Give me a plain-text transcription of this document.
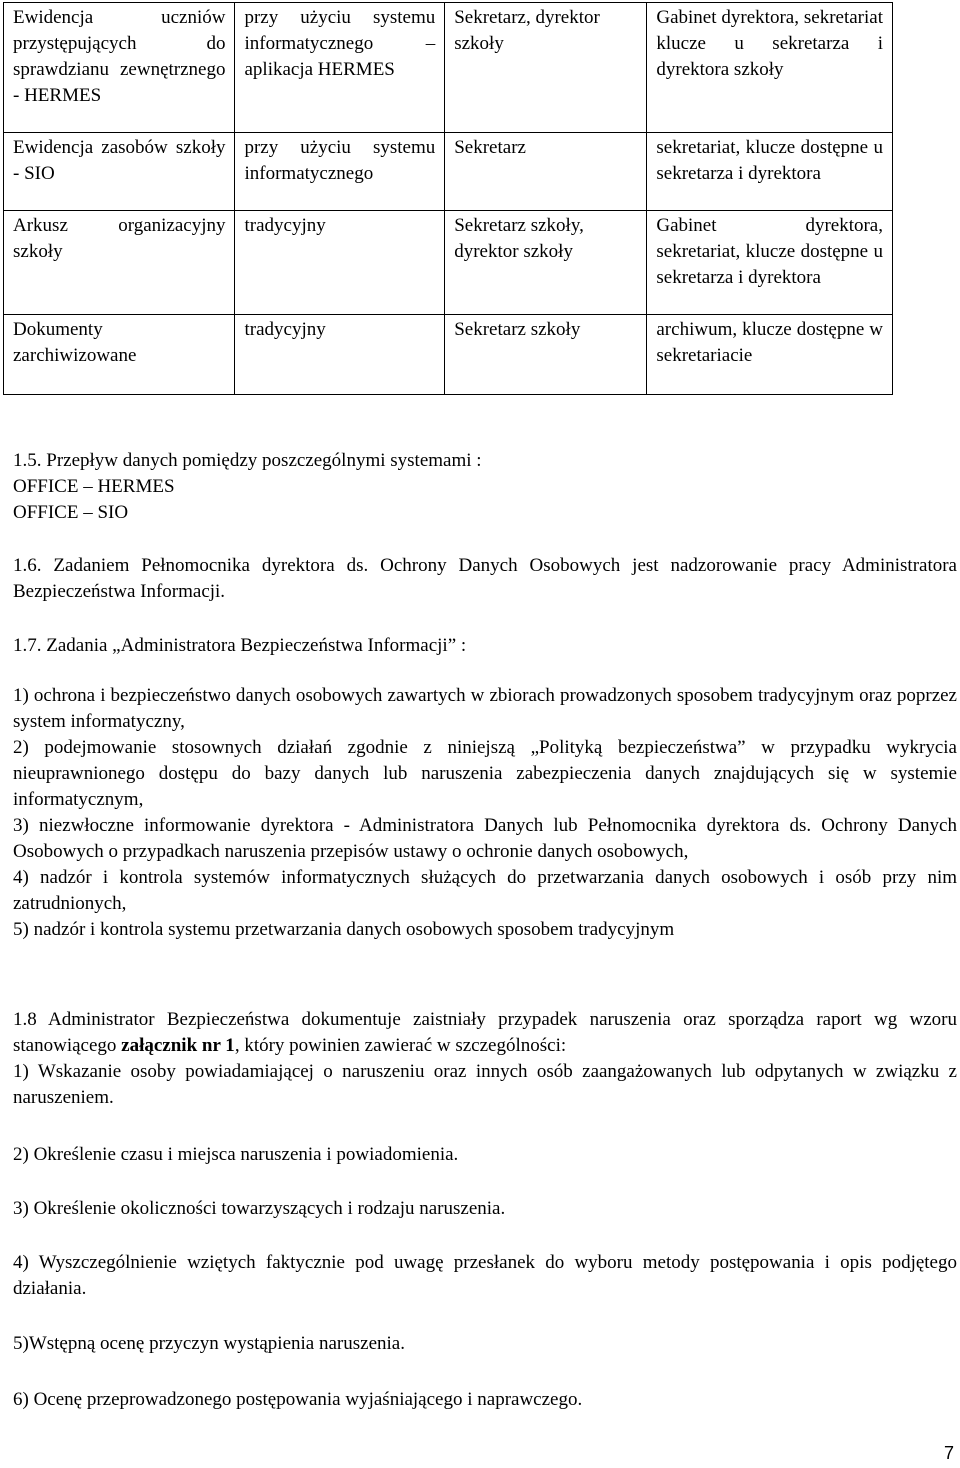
Ewidencja uczniów przystępujących do sprawdzianu zewnętrznego - HERMES	przy użyciu systemu informatycznego – aplikacja HERMES	Sekretarz, dyrektor szkoły	Gabinet dyrektora, sekretariat klucze u sekretarza i dyrektora szkoły
Ewidencja zasobów szkoły - SIO	przy użyciu systemu informatycznego	Sekretarz	sekretariat, klucze dostępne u sekretarza i dyrektora
Arkusz organizacyjny szkoły	tradycyjny	Sekretarz szkoły, dyrektor szkoły	Gabinet dyrektora, sekretariat, klucze dostępne u sekretarza i dyrektora
Dokumenty zarchiwizowane	tradycyjny	Sekretarz szkoły	archiwum, klucze dostępne w sekretariacie

1.5. Przepływ danych pomiędzy poszczególnymi systemami :

OFFICE – HERMES

OFFICE – SIO

1.6. Zadaniem Pełnomocnika dyrektora ds. Ochrony Danych Osobowych jest nadzorowanie pracy Administratora Bezpieczeństwa Informacji.

1.7. Zadania „Administratora Bezpieczeństwa Informacji” :

1) ochrona i bezpieczeństwo danych osobowych zawartych w zbiorach prowadzonych sposobem tradycyjnym oraz poprzez system informatyczny,

2) podejmowanie stosownych działań zgodnie z niniejszą „Polityką bezpieczeństwa” w przypadku wykrycia nieuprawnionego dostępu do bazy danych lub naruszenia zabezpieczenia danych znajdujących się w systemie informatycznym,

3) niezwłoczne informowanie dyrektora - Administratora Danych lub Pełnomocnika dyrektora ds. Ochrony Danych Osobowych o przypadkach naruszenia przepisów ustawy o ochronie danych osobowych,

4) nadzór i kontrola systemów informatycznych służących do przetwarzania danych osobowych i osób przy nim zatrudnionych,

5) nadzór i kontrola systemu przetwarzania danych osobowych sposobem tradycyjnym

1.8 Administrator Bezpieczeństwa dokumentuje zaistniały przypadek naruszenia oraz sporządza raport wg wzoru stanowiącego załącznik nr 1, który powinien zawierać w szczególności:

1) Wskazanie osoby powiadamiającej o naruszeniu oraz innych osób zaangażowanych lub odpytanych w związku z naruszeniem.

2) Określenie czasu i miejsca naruszenia i powiadomienia.

3) Określenie okoliczności towarzyszących i rodzaju naruszenia.

4) Wyszczególnienie wziętych faktycznie pod uwagę przesłanek do wyboru metody postępowania i opis podjętego działania.

5)Wstępną ocenę przyczyn wystąpienia naruszenia.

6) Ocenę przeprowadzonego postępowania wyjaśniającego i naprawczego.

7
